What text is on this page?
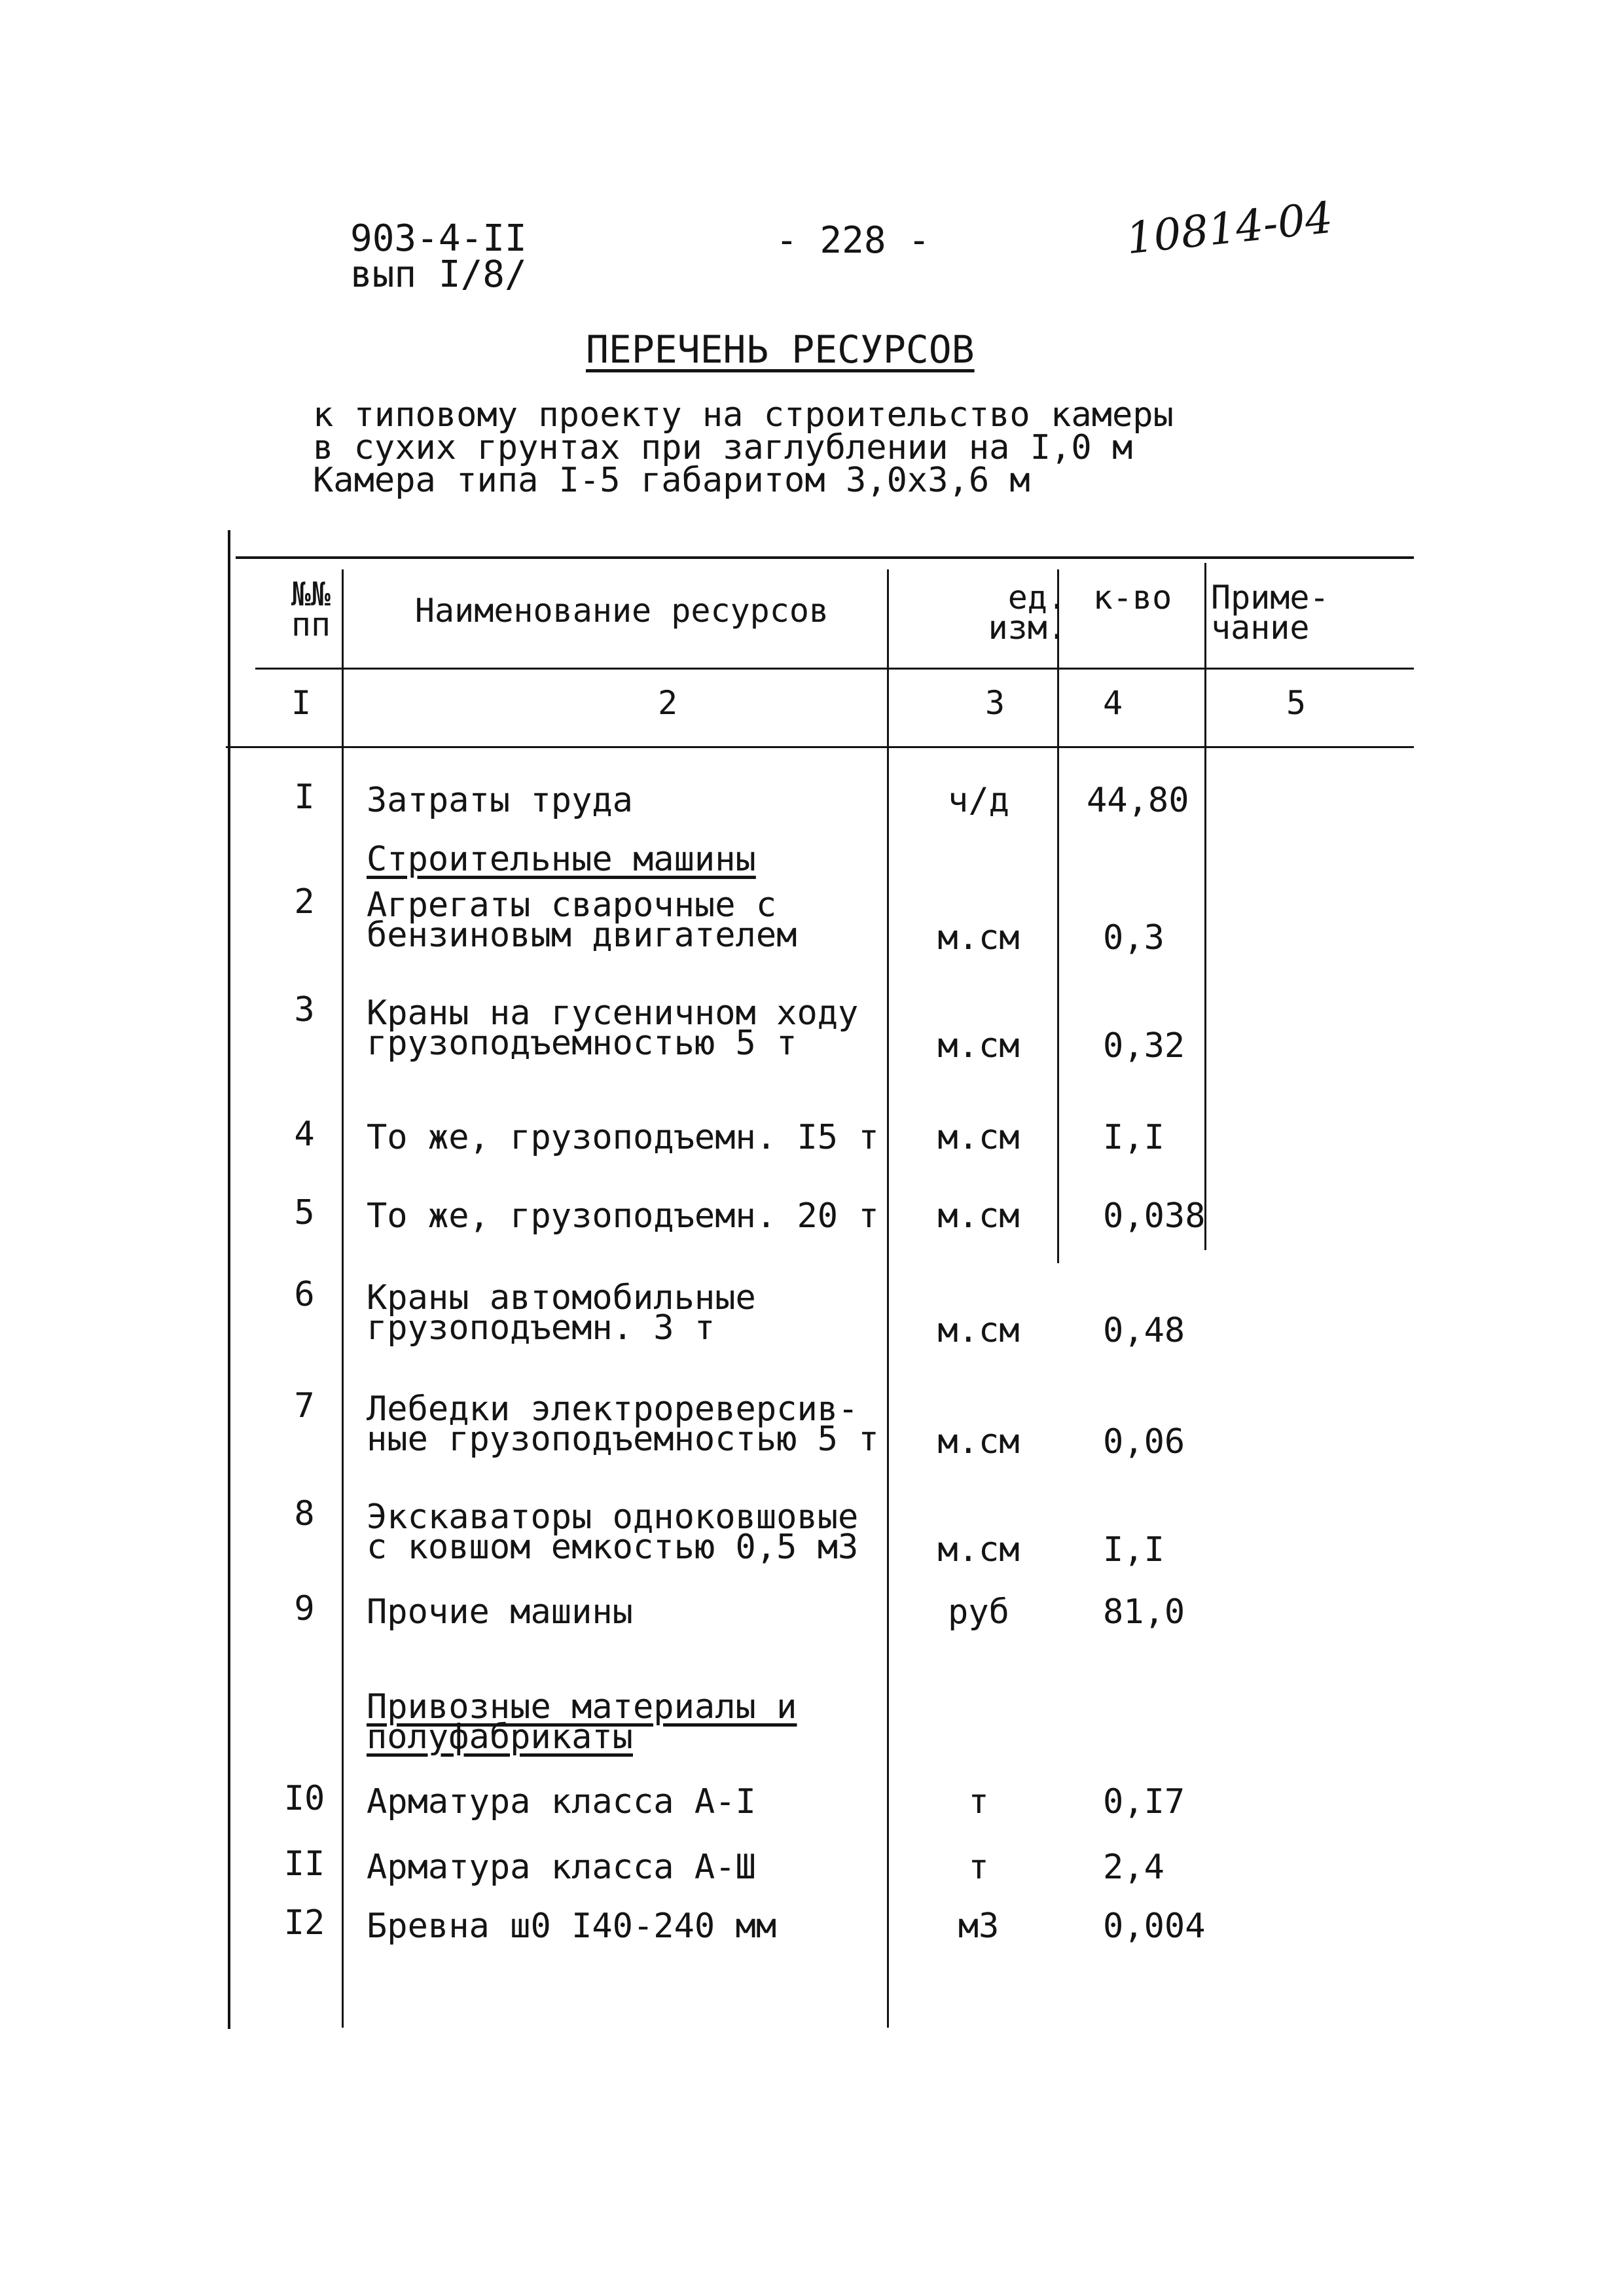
903-4-II
вып I/8/
- 228 -	10814-04
ПЕРЕЧЕНЬ РЕСУРСОВ
к типовому проекту на строительство камеры
в сухих грунтах при заглублении на I,0 м
Камера типа I-5 габаритом 3,0x3,6 м
№№
пп	Наименование ресурсов	ед.
изм.
к-во	Приме-
чание
I	2	3	4	5
I	Затраты труда	ч/д	44,80
Строительные машины
2	Агрегаты сварочные с
бензиновым двигателем	м.см	0,3
3	Краны на гусеничном ходу
грузоподъемностью 5 т	м.см	0,32
4	То же, грузоподъемн. I5 т	м.см	I,I
5	То же, грузоподъемн. 20 т	м.см	0,038
6	Краны автомобильные
грузоподъемн. 3 т	м.см	0,48
7	Лебедки электрореверсив-
ные грузоподъемностью 5 т	м.см	0,06
8	Экскаваторы одноковшовые
с ковшом емкостью 0,5 м3	м.см	I,I
9	Прочие машины	руб	81,0
Привозные материалы и
полуфабрикаты
I0	Арматура класса А-I	т	0,I7
II	Арматура класса А-Ш	т	2,4
I2	Бревна ш0 I40-240 мм	м3	0,004
